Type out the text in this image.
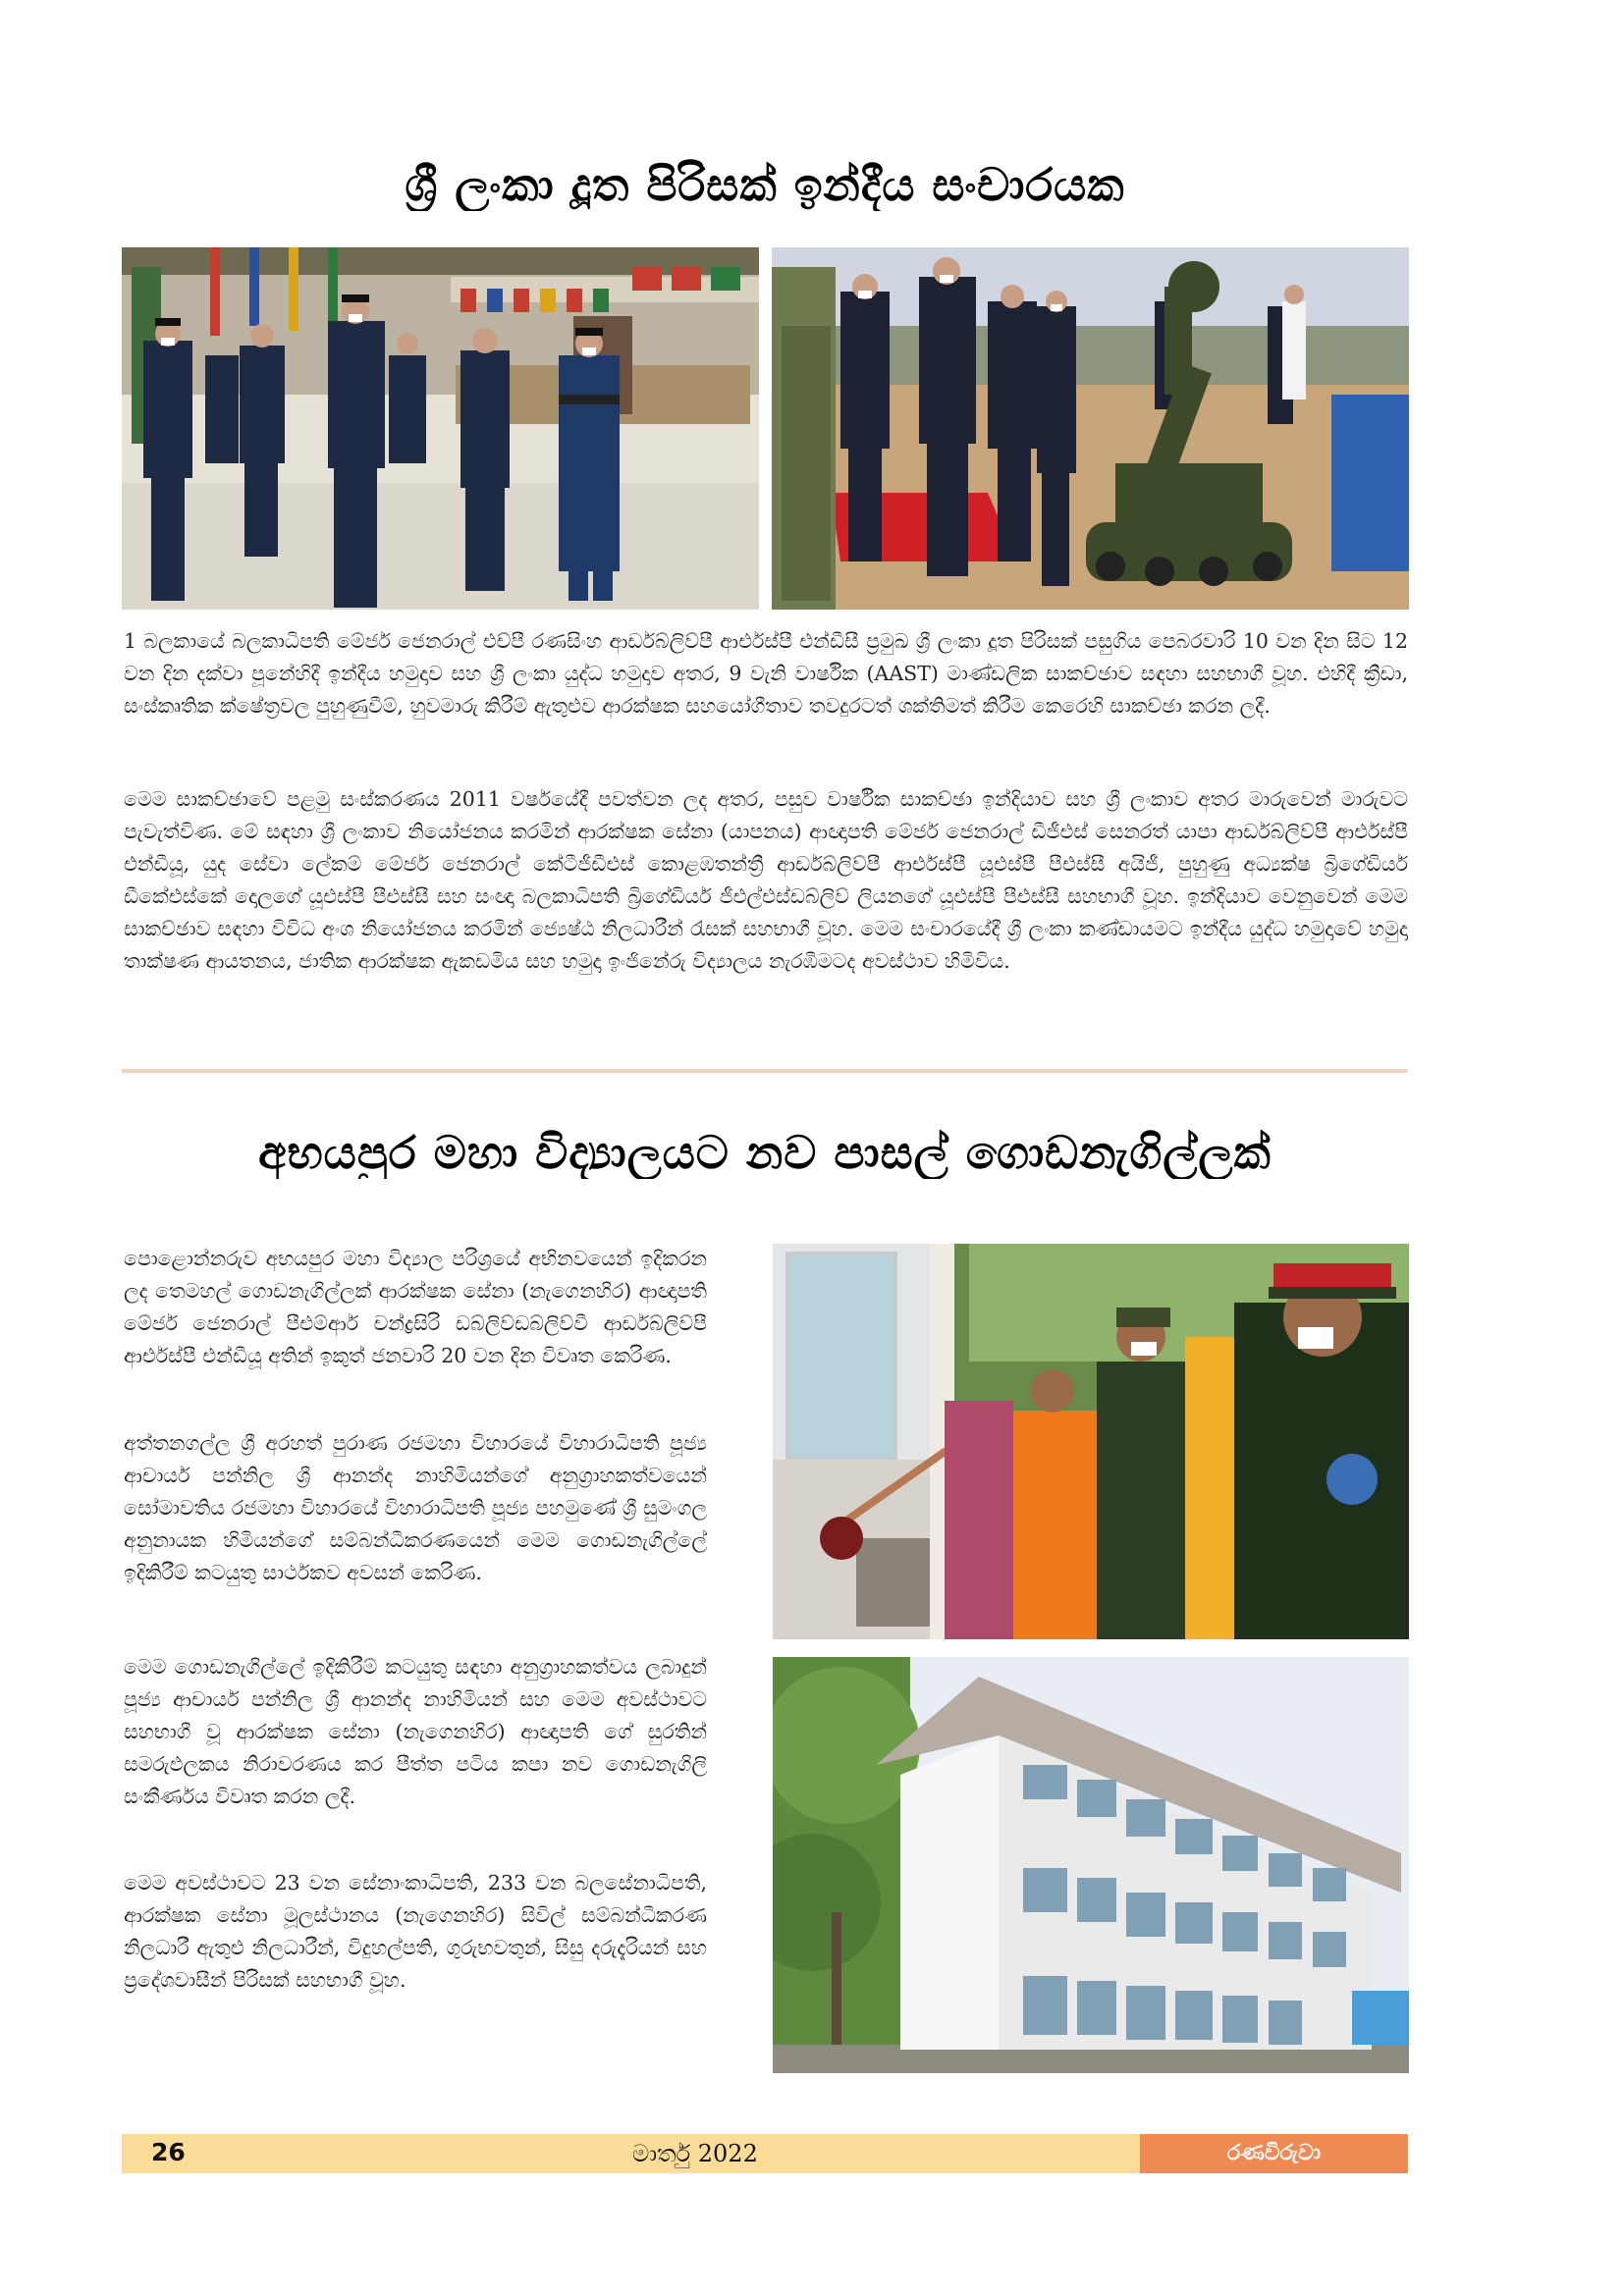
ශ්‍රී ලංකා දූත පිරිසක් ඉන්දීය සංචාරයක

1 බලකායේ බලකාධිපති මේජර් ජෙනරාල් එච්පී රණසිංහ ආර්ඩබ්ලිව්පී ආර්එස්පී එන්ඩීසී ප්‍රමුඛ ශ්‍රී ලංකා දූත පිරිසක් පසුගිය පෙබරවාරි 10 වන දින සිට 12 වන දින දක්වා පූනේහිදී ඉන්දීය හමුදාව සහ ශ්‍රී ලංකා යුද්ධ හමුදාව අතර, 9 වැනි වාර්ෂික (AAST) මාණ්ඩලික සාකච්ඡාව සඳහා සහභාගී වූහ. එහිදී ක්‍රීඩා, සංස්කෘතික ක්ෂේත්‍රවල පුහුණුවීම්, හුවමාරු කිරීම් ඇතුළුව ආරක්ෂක සහයෝගීතාව තවදුරටත් ශක්තිමත් කිරීම කෙරෙහි සාකච්ඡා කරන ලදී.

මෙම සාකච්ඡාවේ පළමු සංස්කරණය 2011 වර්ෂයේදී පවත්වන ලද අතර, පසුව වාර්ෂික සාකච්ඡා ඉන්දියාව සහ ශ්‍රී ලංකාව අතර මාරුවෙන් මාරුවට පැවැත්විණ. මේ සඳහා ශ්‍රී ලංකාව නියෝජනය කරමින් ආරක්ෂක සේනා (යාපනය) ආඥාපති මේජර් ජෙනරාල් ඩීජීඑස් සෙනරත් යාපා ආර්ඩබ්ලිව්පී ආර්එස්පී එන්ඩීයූ, යුද සේවා ලේකම් මේජර් ජෙනරාල් කේටීජීඩීඑස් කොළඹතන්ත්‍රී ආර්ඩබ්ලිව්පී ආර්එස්පී යූඑස්පී පීඑස්සී අයිජී, පුහුණු අධ්‍යක්ෂ බ්‍රිගේඩියර් ඩීකේඑස්කේ දොලගේ යූඑස්පී පීඑස්සී සහ සංඥා බලකාධිපති බ්‍රිගේඩියර් ජීඑල්එස්ඩබ්ලිව් ලියනගේ යූඑස්පී පීඑස්සී සහභාගී වූහ. ඉන්දියාව වෙනුවෙන් මෙම සාකච්ඡාව සඳහා විවිධ අංශ නියෝජනය කරමින් ජ්‍යෙෂ්ඨ නිලධාරීන් රැසක් සහභාගී වූහ. මෙම සංචාරයේදී ශ්‍රී ලංකා කණ්ඩායමට ඉන්දීය යුද්ධ හමුදාවේ හමුදා තාක්ෂණ ආයතනය, ජාතික ආරක්ෂක ඇකඩමිය සහ හමුදා ඉංජිනේරු විද්‍යාලය නැරඹීමටද අවස්ථාව හිමිවිය.

අභයපුර මහා විද්‍යාලයට නව පාසල් ගොඩනැගිල්ලක්

පොළොන්නරුව අභයපුර මහා විද්‍යාල පරිශ්‍රයේ අභිනවයෙන් ඉදිකරන ලද තෙමහල් ගොඩනැගිල්ලක් ආරක්ෂක සේනා (නැගෙනහිර) ආඥාපති මේජර් ජෙනරාල් පීඑම්ආර් චන්ද්‍රසිරි ඩබ්ලිව්ඩබ්ලිව්වී ආර්ඩබ්ලිව්පී ආර්එස්පී එන්ඩීයූ අතින් ඉකුත් ජනවාරි 20 වන දින විවෘත කෙරිණ.

අත්තනගල්ල ශ්‍රී අරහත් පුරාණ රජමහා විහාරයේ විහාරාධිපති පූජ්‍ය ආචාර්ය පන්නිල ශ්‍රී ආනන්ද නාහිමියන්ගේ අනුග්‍රාහකත්වයෙන් සෝමාවතිය රජමහා විහාරයේ විහාරාධිපති පූජ්‍ය පහමුණේ ශ්‍රී සුමංගල අනුනායක හිමියන්ගේ සම්බන්ධීකරණයෙන් මෙම ගොඩනැගිල්ලේ ඉදිකිරීම් කටයුතු සාර්ථකව අවසන් කෙරිණ.

මෙම ගොඩනැගිල්ලේ ඉදිකිරීම් කටයුතු සඳහා අනුග්‍රාහකත්වය ලබාදුන් පූජ්‍ය ආචාර්ය පන්නිල ශ්‍රී ආනන්ද නාහිමියන් සහ මෙම අවස්ථාවට සහභාගී වූ ආරක්ෂක සේනා (නැගෙනහිර) ආඥාපති ගේ සුරතින් සමරුඵලකය නිරාවරණය කර පීත්ත පටිය කපා නව ගොඩනැගිලි සංකීර්ණය විවෘත කරන ලදී.

මෙම අවස්ථාවට 23 වන සේනාංකාධිපති, 233 වන බලසේනාධිපති, ආරක්ෂක සේනා මූලස්ථානය (නැගෙනහිර) සිවිල් සම්බන්ධීකරණ නිලධාරී ඇතුළු නිලධාරීන්, විදුහල්පති, ගුරුභවතුන්, සිසු දරුදැරියන් සහ ප්‍රදේශවාසීන් පිරිසක් සහභාගී වූහ.

26	මාර්තු 2022	රණවිරුවා
